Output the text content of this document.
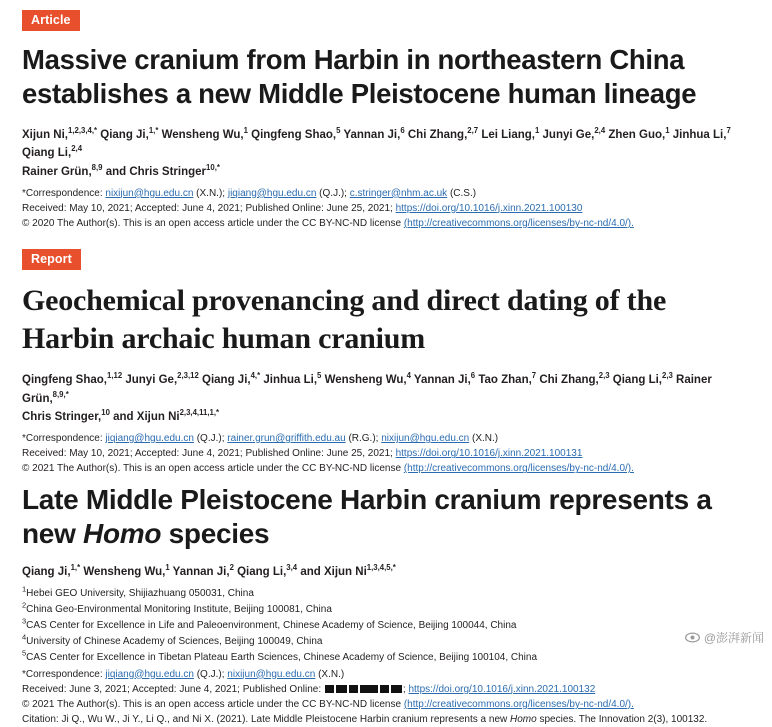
Article
Massive cranium from Harbin in northeastern China
establishes a new Middle Pleistocene human lineage
Xijun Ni,$^{1,2,3,4,*}$ Qiang Ji,$^{1,*}$ Wensheng Wu,$^1$ Qingfeng Shao,$^5$ Yannan Ji,$^6$ Chi Zhang,$^{2,7}$ Lei Liang,$^1$ Junyi Ge,$^{2,4}$ Zhen Guo,$^1$ Jinhua Li,$^7$ Qiang Li,$^{2,4}$
Rainer Grün,$^{8,9}$ and Chris Stringer$^{10,*}$
*Correspondence: nixijun@hgu.edu.cn (X.N.); jiqiang@hgu.edu.cn (Q.J.); c.stringer@nhm.ac.uk (C.S.)
Received: May 10, 2021; Accepted: June 4, 2021; Published Online: June 25, 2021; https://doi.org/10.1016/j.xinn.2021.100130
© 2020 The Author(s). This is an open access article under the CC BY-NC-ND license (http://creativecommons.org/licenses/by-nc-nd/4.0/).
Report
Geochemical provenancing and direct dating of the
Harbin archaic human cranium
Qingfeng Shao,$^{1,12}$ Junyi Ge,$^{2,3,12}$ Qiang Ji,$^{4,*}$ Jinhua Li,$^5$ Wensheng Wu,$^4$ Yannan Ji,$^6$ Tao Zhan,$^7$ Chi Zhang,$^{2,3}$ Qiang Li,$^{2,3}$ Rainer Grün,$^{8,9,*}$
Chris Stringer,$^{10}$ and Xijun $Ni^{2,3,4,11,1,*}$
*Correspondence: jiqiang@hgu.edu.cn (Q.J.); rainer.grun@griffith.edu.au (R.G.); nixijun@hgu.edu.cn (X.N.)
Received: May 10, 2021; Accepted: June 4, 2021; Published Online: June 25, 2021; https://doi.org/10.1016/j.xinn.2021.100131
© 2021 The Author(s). This is an open access article under the CC BY-NC-ND license (http://creativecommons.org/licenses/by-nc-nd/4.0/).
Late Middle Pleistocene Harbin cranium represents a
new Homo species
Qiang Ji,$^{1,*}$ Wensheng Wu,$^1$ Yannan Ji,$^2$ Qiang Li,$^{3,4}$ and Xijun $Ni^{1,3,4,5,*}$
$^1$Hebei GEO University, Shijiazhuang 050031, China
$^2$China Geo-Environmental Monitoring Institute, Beijing 100081, China
$^3$CAS Center for Excellence in Life and Paleoenvironment, Chinese Academy of Science, Beijing 100044, China
$^4$University of Chinese Academy of Sciences, Beijing 100049, China
$^5$CAS Center for Excellence in Tibetan Plateau Earth Sciences, Chinese Academy of Science, Beijing 100104, China
*Correspondence: jiqiang@hgu.edu.cn (Q.J.); nixijun@hgu.edu.cn (X.N.)
Received: June 3, 2021; Accepted: June 4, 2021; Published Online:	; https://doi.org/10.1016/j.xinn.2021.100132
© 2021 The Author(s). This is an open access article under the CC BY-NC-ND license (http://creativecommons.org/licenses/by-nc-nd/4.0/).
Citation: Ji Q., Wu W., Ji Y., Li Q., and Ni X. (2021). Late Middle Pleistocene Harbin cranium represents a new Homo species. The Innovation 2(3), 100132.
@澎湃新闻
